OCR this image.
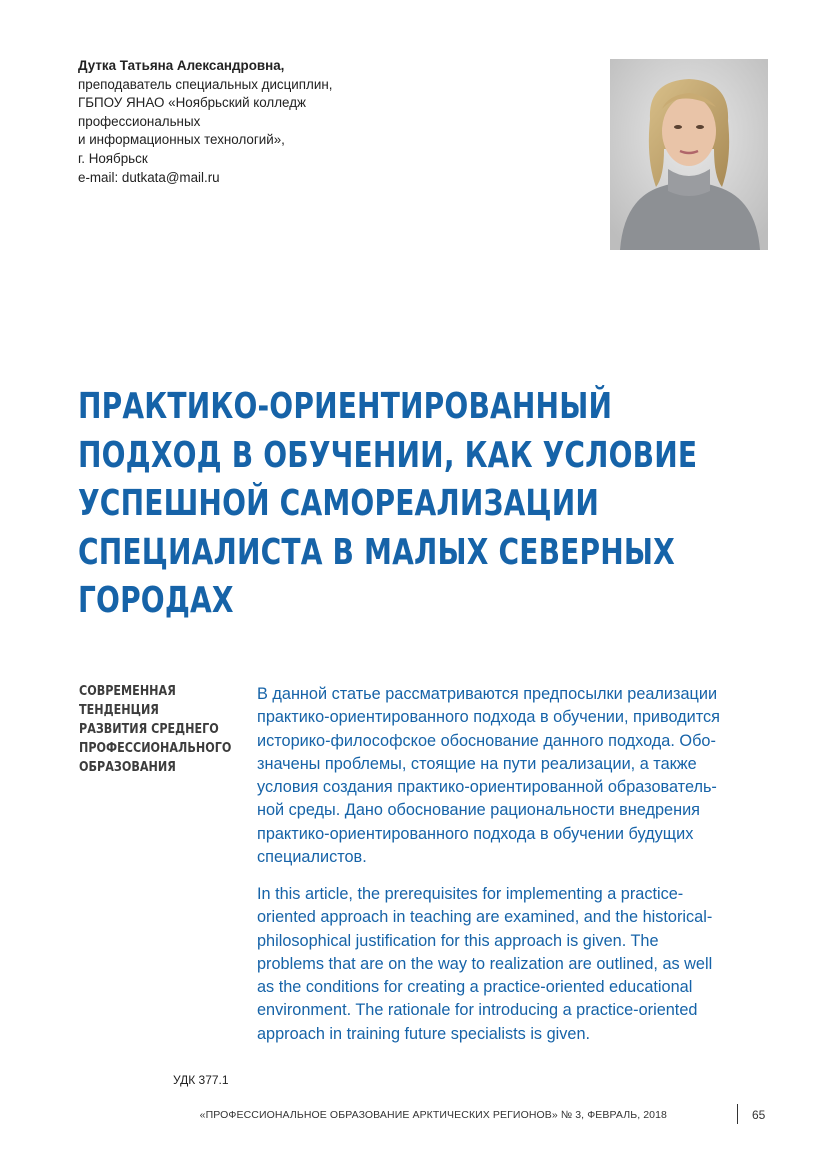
Дутка Татьяна Александровна,
преподаватель специальных дисциплин,
ГБПОУ ЯНАО «Ноябрьский колледж
профессиональных
и информационных технологий»,
г. Ноябрьск
e-mail: dutkata@mail.ru
ПРАКТИКО-ОРИЕНТИРОВАННЫЙ
ПОДХОД В ОБУЧЕНИИ, КАК УСЛОВИЕ
УСПЕШНОЙ САМОРЕАЛИЗАЦИИ
СПЕЦИАЛИСТА В МАЛЫХ СЕВЕРНЫХ
ГОРОДАХ
СОВРЕМЕННАЯ
ТЕНДЕНЦИЯ
РАЗВИТИЯ СРЕДНЕГО
ПРОФЕССИОНАЛЬНОГО
ОБРАЗОВАНИЯ
В данной статье рассматриваются предпосылки реализации
практико-ориентированного подхода в обучении, приводится
историко-философское обоснование данного подхода. Обо-
значены проблемы, стоящие на пути реализации, а также
условия создания практико-ориентированной образователь-
ной среды. Дано обоснование рациональности внедрения
практико-ориентированного подхода в обучении будущих
специалистов.
In this article, the prerequisites for implementing a practice-
oriented approach in teaching are examined, and the historical-
philosophical justification for this approach is given. The
problems that are on the way to realization are outlined, as well
as the conditions for creating a practice-oriented educational
environment. The rationale for introducing a practice-oriented
approach in training future specialists is given.
УДК 377.1
«ПРОФЕССИОНАЛЬНОЕ ОБРАЗОВАНИЕ АРКТИЧЕСКИХ РЕГИОНОВ» № 3, ФЕВРАЛЬ, 2018	65
